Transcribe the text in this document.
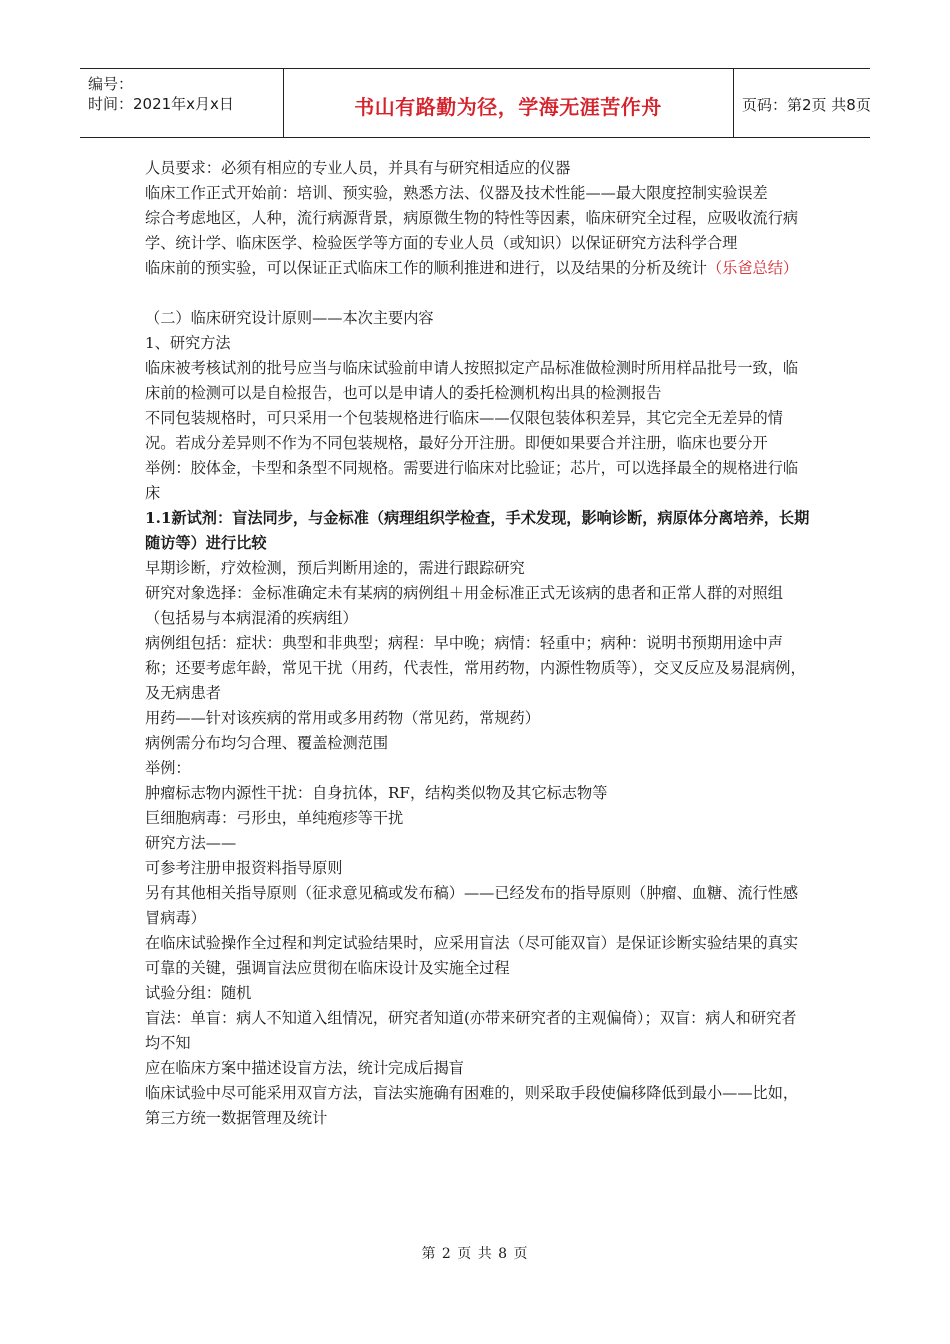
编号：
时间：2021年x月x日	书山有路勤为径，学海无涯苦作舟	页码：第2页 共8页

人员要求：必须有相应的专业人员，并具有与研究相适应的仪器

临床工作正式开始前：培训、预实验，熟悉方法、仪器及技术性能——最大限度控制实验误差

综合考虑地区，人种，流行病源背景，病原微生物的特性等因素，临床研究全过程，应吸收流行病学、统计学、临床医学、检验医学等方面的专业人员（或知识）以保证研究方法科学合理

临床前的预实验，可以保证正式临床工作的顺利推进和进行，以及结果的分析及统计（乐爸总结）

（二）临床研究设计原则——本次主要内容

1、研究方法

临床被考核试剂的批号应当与临床试验前申请人按照拟定产品标准做检测时所用样品批号一致，临床前的检测可以是自检报告，也可以是申请人的委托检测机构出具的检测报告

不同包装规格时，可只采用一个包装规格进行临床——仅限包装体积差异，其它完全无差异的情况。若成分差异则不作为不同包装规格，最好分开注册。即便如果要合并注册，临床也要分开

举例：胶体金，卡型和条型不同规格。需要进行临床对比验证；芯片，可以选择最全的规格进行临床

1.1新试剂：盲法同步，与金标准（病理组织学检查，手术发现，影响诊断，病原体分离培养，长期随访等）进行比较

早期诊断，疗效检测，预后判断用途的，需进行跟踪研究

研究对象选择：金标准确定未有某病的病例组＋用金标准正式无该病的患者和正常人群的对照组（包括易与本病混淆的疾病组）

病例组包括：症状：典型和非典型；病程：早中晚；病情：轻重中；病种：说明书预期用途中声称；还要考虑年龄，常见干扰（用药，代表性，常用药物，内源性物质等），交叉反应及易混病例，及无病患者

用药——针对该疾病的常用或多用药物（常见药，常规药）

病例需分布均匀合理、覆盖检测范围

举例：

肿瘤标志物内源性干扰：自身抗体，RF，结构类似物及其它标志物等

巨细胞病毒：弓形虫，单纯疱疹等干扰

研究方法——

可参考注册申报资料指导原则

另有其他相关指导原则（征求意见稿或发布稿）——已经发布的指导原则（肿瘤、血糖、流行性感冒病毒）

在临床试验操作全过程和判定试验结果时，应采用盲法（尽可能双盲）是保证诊断实验结果的真实可靠的关键，强调盲法应贯彻在临床设计及实施全过程

试验分组：随机

盲法：单盲：病人不知道入组情况，研究者知道(亦带来研究者的主观偏倚）；双盲：病人和研究者均不知

应在临床方案中描述设盲方法，统计完成后揭盲

临床试验中尽可能采用双盲方法，盲法实施确有困难的，则采取手段使偏移降低到最小——比如，第三方统一数据管理及统计

第 2 页 共 8 页
